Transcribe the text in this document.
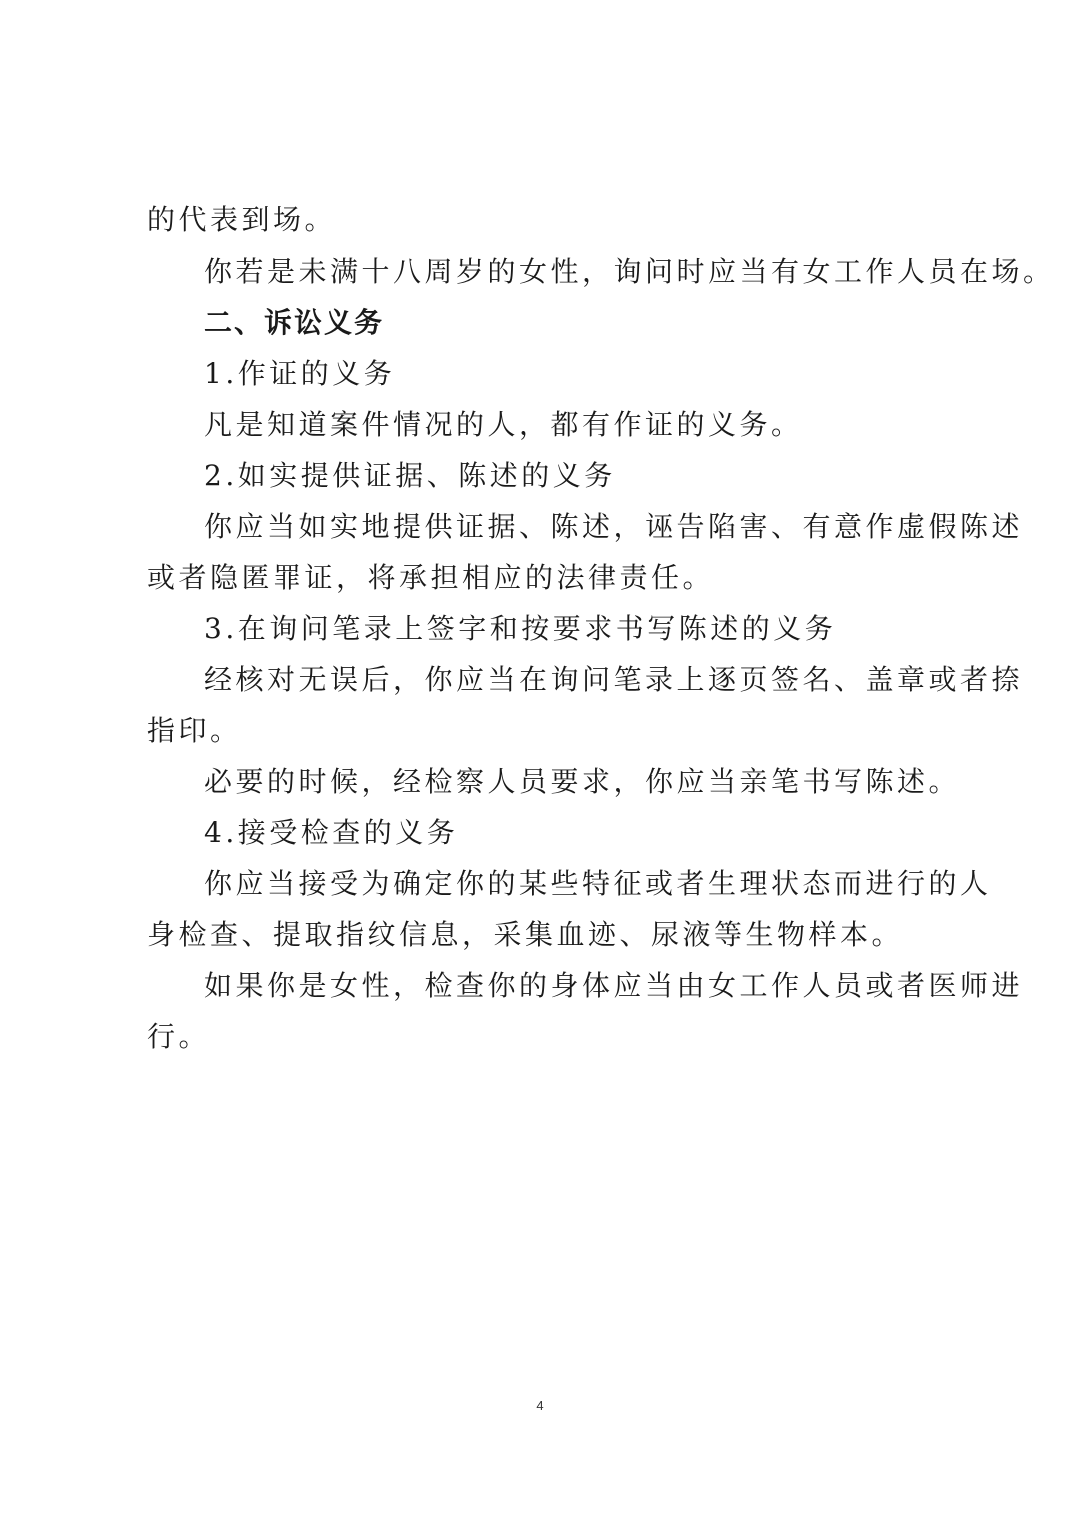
的代表到场。
你若是未满十八周岁的女性，询问时应当有女工作人员在场。
二、诉讼义务
1.作证的义务
凡是知道案件情况的人，都有作证的义务。
2.如实提供证据、陈述的义务
你应当如实地提供证据、陈述，诬告陷害、有意作虚假陈述
或者隐匿罪证，将承担相应的法律责任。
3.在询问笔录上签字和按要求书写陈述的义务
经核对无误后，你应当在询问笔录上逐页签名、盖章或者捺
指印。
必要的时候，经检察人员要求，你应当亲笔书写陈述。
4.接受检查的义务
你应当接受为确定你的某些特征或者生理状态而进行的人
身检查、提取指纹信息，采集血迹、尿液等生物样本。
如果你是女性，检查你的身体应当由女工作人员或者医师进
行。
4
